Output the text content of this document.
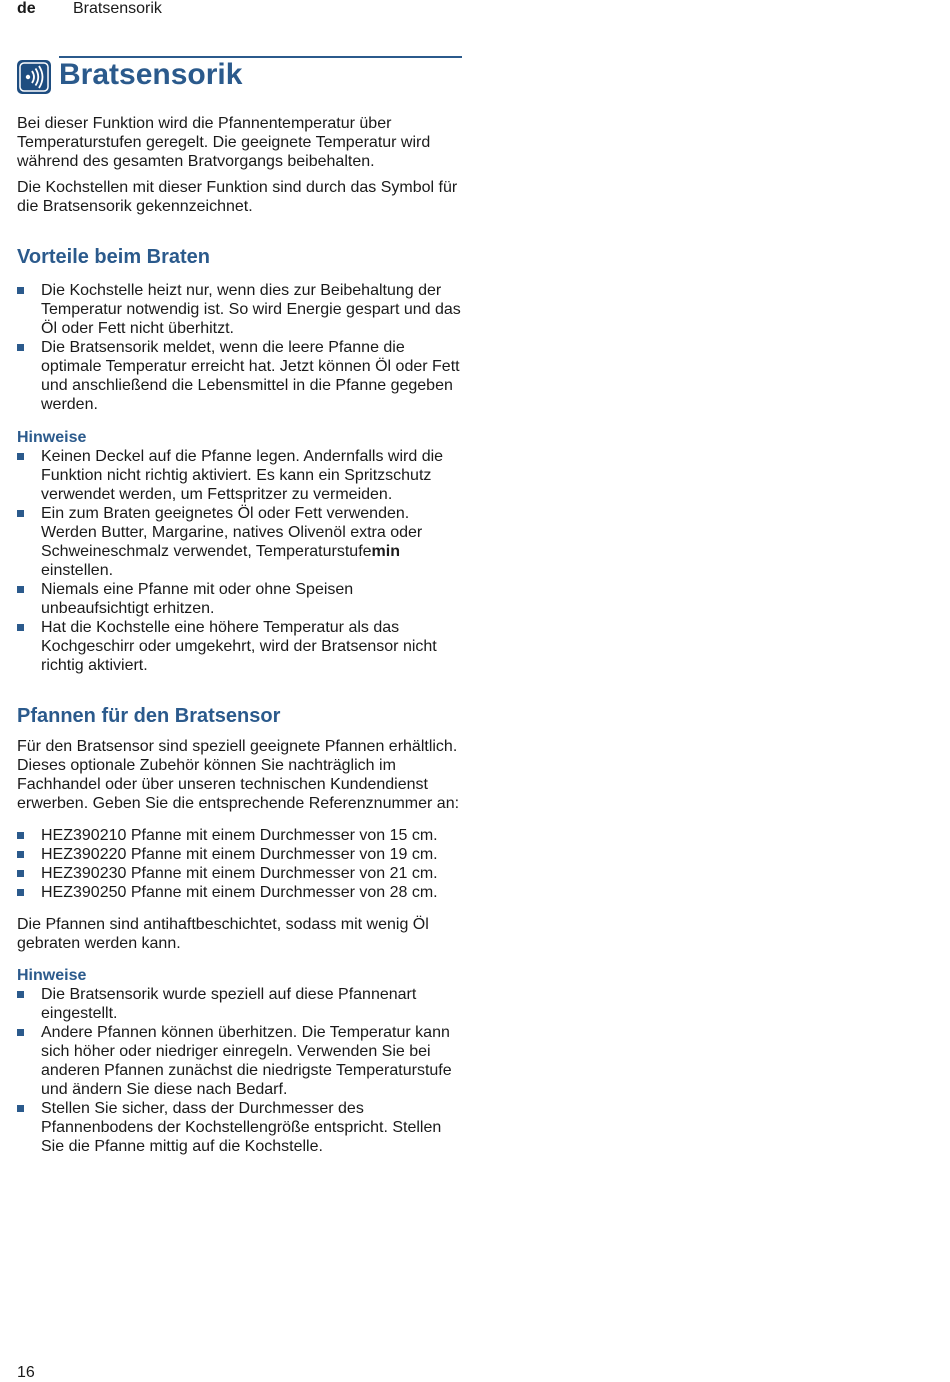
de Bratsensorik
Bratsensorik

Bei dieser Funktion wird die Pfannentemperatur über Temperaturstufen geregelt. Die geeignete Temperatur wird während des gesamten Bratvorgangs beibehalten.

Die Kochstellen mit dieser Funktion sind durch das Symbol für die Bratsensorik gekennzeichnet.

Vorteile beim Braten
Die Kochstelle heizt nur, wenn dies zur Beibehaltung der Temperatur notwendig ist. So wird Energie gespart und das Öl oder Fett nicht überhitzt.
Die Bratsensorik meldet, wenn die leere Pfanne die optimale Temperatur erreicht hat. Jetzt können Öl oder Fett und anschließend die Lebensmittel in die Pfanne gegeben werden.
Hinweise
Keinen Deckel auf die Pfanne legen. Andernfalls wird die Funktion nicht richtig aktiviert. Es kann ein Spritzschutz verwendet werden, um Fettspritzer zu vermeiden.
Ein zum Braten geeignetes Öl oder Fett verwenden. Werden Butter, Margarine, natives Olivenöl extra oder Schweineschmalz verwendet, Temperaturstufemin einstellen.
Niemals eine Pfanne mit oder ohne Speisen unbeaufsichtigt erhitzen.
Hat die Kochstelle eine höhere Temperatur als das Kochgeschirr oder umgekehrt, wird der Bratsensor nicht richtig aktiviert.
Pfannen für den Bratsensor

Für den Bratsensor sind speziell geeignete Pfannen erhältlich. Dieses optionale Zubehör können Sie nachträglich im Fachhandel oder über unseren technischen Kundendienst erwerben. Geben Sie die entsprechende Referenznummer an:

HEZ390210 Pfanne mit einem Durchmesser von 15 cm.
HEZ390220 Pfanne mit einem Durchmesser von 19 cm.
HEZ390230 Pfanne mit einem Durchmesser von 21 cm.
HEZ390250 Pfanne mit einem Durchmesser von 28 cm.

Die Pfannen sind antihaftbeschichtet, sodass mit wenig Öl gebraten werden kann.

Hinweise
Die Bratsensorik wurde speziell auf diese Pfannenart eingestellt.
Andere Pfannen können überhitzen. Die Temperatur kann sich höher oder niedriger einregeln. Verwenden Sie bei anderen Pfannen zunächst die niedrigste Temperaturstufe und ändern Sie diese nach Bedarf.
Stellen Sie sicher, dass der Durchmesser des Pfannenbodens der Kochstellengröße entspricht. Stellen Sie die Pfanne mittig auf die Kochstelle.
16
